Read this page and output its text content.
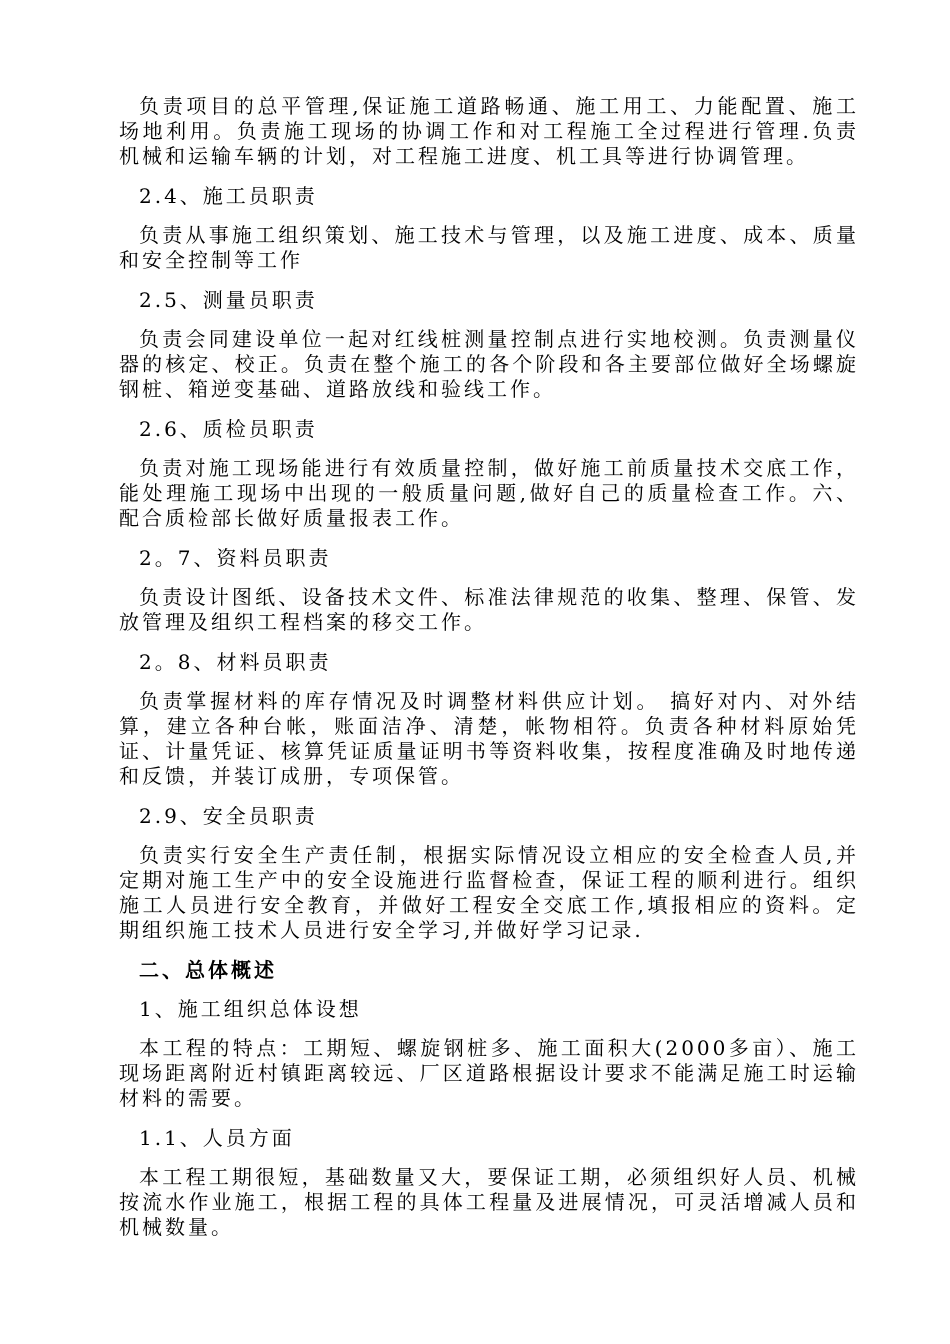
负责项目的总平管理,保证施工道路畅通、施工用工、力能配置、施工场地利用。负责施工现场的协调工作和对工程施工全过程进行管理.负责机械和运输车辆的计划，对工程施工进度、机工具等进行协调管理。

2.4、施工员职责

负责从事施工组织策划、施工技术与管理，以及施工进度、成本、质量和安全控制等工作

2.5、测量员职责

负责会同建设单位一起对红线桩测量控制点进行实地校测。负责测量仪器的核定、校正。负责在整个施工的各个阶段和各主要部位做好全场螺旋钢桩、箱逆变基础、道路放线和验线工作。

2.6、质检员职责

负责对施工现场能进行有效质量控制，做好施工前质量技术交底工作，能处理施工现场中出现的一般质量问题,做好自己的质量检查工作。六、 配合质检部长做好质量报表工作。

2。7、资料员职责

负责设计图纸、设备技术文件、标准法律规范的收集、整理、保管、发放管理及组织工程档案的移交工作。

2。8、材料员职责

负责掌握材料的库存情况及时调整材料供应计划。 搞好对内、对外结算，建立各种台帐，账面洁净、清楚，帐物相符。负责各种材料原始凭证、计量凭证、核算凭证质量证明书等资料收集，按程度准确及时地传递和反馈，并装订成册，专项保管。

2.9、安全员职责

负责实行安全生产责任制，根据实际情况设立相应的安全检查人员,并定期对施工生产中的安全设施进行监督检查，保证工程的顺利进行。组织施工人员进行安全教育，并做好工程安全交底工作,填报相应的资料。定期组织施工技术人员进行安全学习,并做好学习记录.

二、总体概述

1、施工组织总体设想

本工程的特点：工期短、螺旋钢桩多、施工面积大(2000多亩）、施工现场距离附近村镇距离较远、厂区道路根据设计要求不能满足施工时运输材料的需要。

1.1、人员方面

本工程工期很短，基础数量又大，要保证工期，必须组织好人员、机械按流水作业施工，根据工程的具体工程量及进展情况，可灵活增减人员和机械数量。
